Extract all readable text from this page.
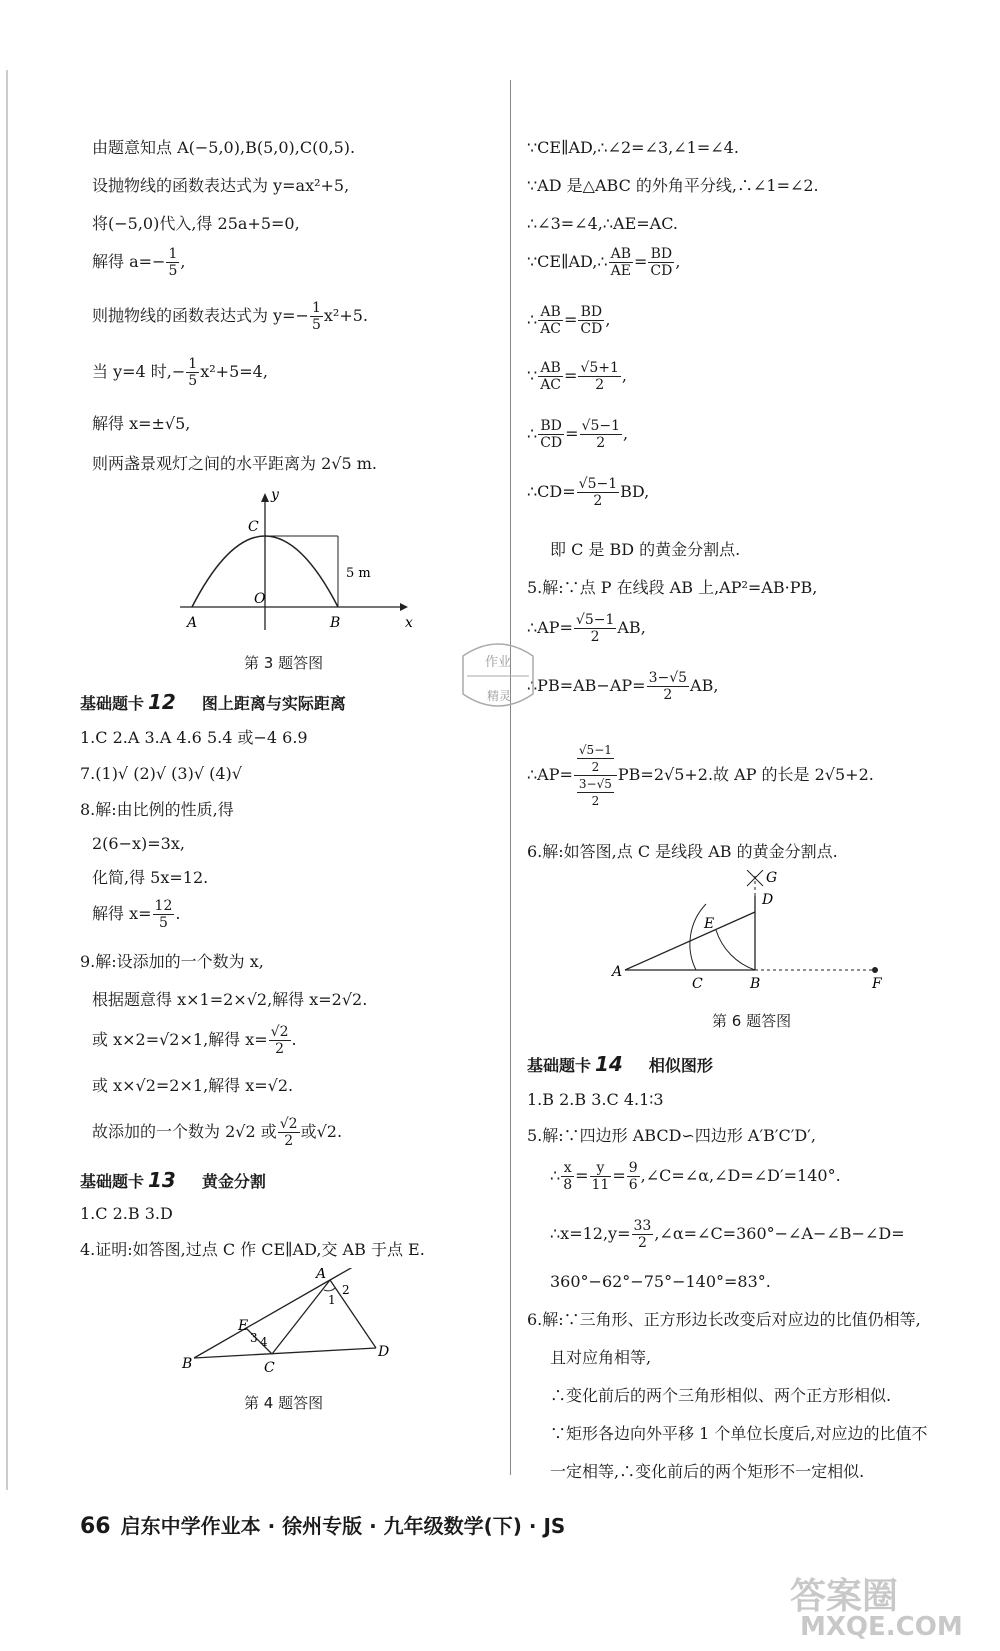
由题意知点 A(−5,0),B(5,0),C(0,5).
设抛物线的函数表达式为 y=ax²+5,
将(−5,0)代入,得 25a+5=0,
解得 $a=- \frac{1}{5}$ ,
则抛物线的函数表达式为 $y=- \frac{1}{5} x^2+5$.
当 y=4 时,− $\frac{1}{5} x^2+5=4$,
解得 x=±√5,
则两盏景观灯之间的水平距离为 2√5 m.
y
x
C
O
A	B
5 m
第 3 题答图
基础题卡 12 图上距离与实际距离
1.C 2.A 3.A 4.6 5.4 或−4 6.9
7.(1)√ (2)√ (3)√ (4)√
8.解:由比例的性质,得
2(6−x)=3x,
化简,得 5x=12.
解得 $x= \frac{12}{5}$ .
9.解:设添加的一个数为 x,
根据题意得 x×1=2×√2,解得 x=2√2.
或 x×2=√2×1,解得 $x= \frac{√2}{2}$ .
或 x×√2=2×1,解得 x=√2.
故添加的一个数为 2√2 或 $\frac{√2}{2}$ 或√2.
基础题卡 13 黄金分割
1.C 2.B 3.D
4.证明:如答图,过点 C 作 CE∥AD,交 AB 于点 E.
A
B	C
D
E
1
2
3 4
第 4 题答图
∵CE∥AD,∴∠2=∠3,∠1=∠4.
∵AD 是△ABC 的外角平分线,∴∠1=∠2.
∴∠3=∠4,∴AE=AC.
∵CE∥AD,∴ $\frac{AB}{AE} = \frac{BD}{CD}$ ,
∴ $\frac{AB}{AC} = \frac{BD}{CD}$ ,
∵ $\frac{AB}{AC} = \frac{√5+1}{2}$ ,
∴ $\frac{BD}{CD} = \frac{√5-1}{2}$ ,
∴CD= $\frac{√5-1}{2}$ BD,
即 C 是 BD 的黄金分割点.
5.解:∵点 P 在线段 AB 上,AP²=AB·PB,
∴AP= $\frac{√5-1}{2}$ AB,
∴PB=AB−AP= $\frac{3-√5}{2}$ AB,
∴AP= $\frac{\frac{√5-1}{2}}{\frac{3-√5}{2}} PB=2√5+2$.故 AP 的长是 2√5+2.
6.解:如答图,点 C 是线段 AB 的黄金分割点.
A
B
C
D
E
F
G
第 6 题答图
基础题卡 14 相似图形
1.B 2.B 3.C 4.1∶3
5.解:∵四边形 ABCD∽四边形 A′B′C′D′,
∴ $\frac{x}{8} = \frac{y}{11} = \frac{9}{6}$ ,∠C=∠α,∠D=∠D′=140°.
∴x=12,y= $\frac{33}{2}$ ,∠α=∠C=360°−∠A−∠B−∠D=
360°−62°−75°−140°=83°.
6.解:∵三角形、正方形边长改变后对应边的比值仍相等,
且对应角相等,
∴变化前后的两个三角形相似、两个正方形相似.
∵矩形各边向外平移 1 个单位长度后,对应边的比值不
一定相等,∴变化前后的两个矩形不一定相似.
作业
精灵
66 启东中学作业本 · 徐州专版 · 九年级数学(下) · JS
答案圈
MXQE.COM
